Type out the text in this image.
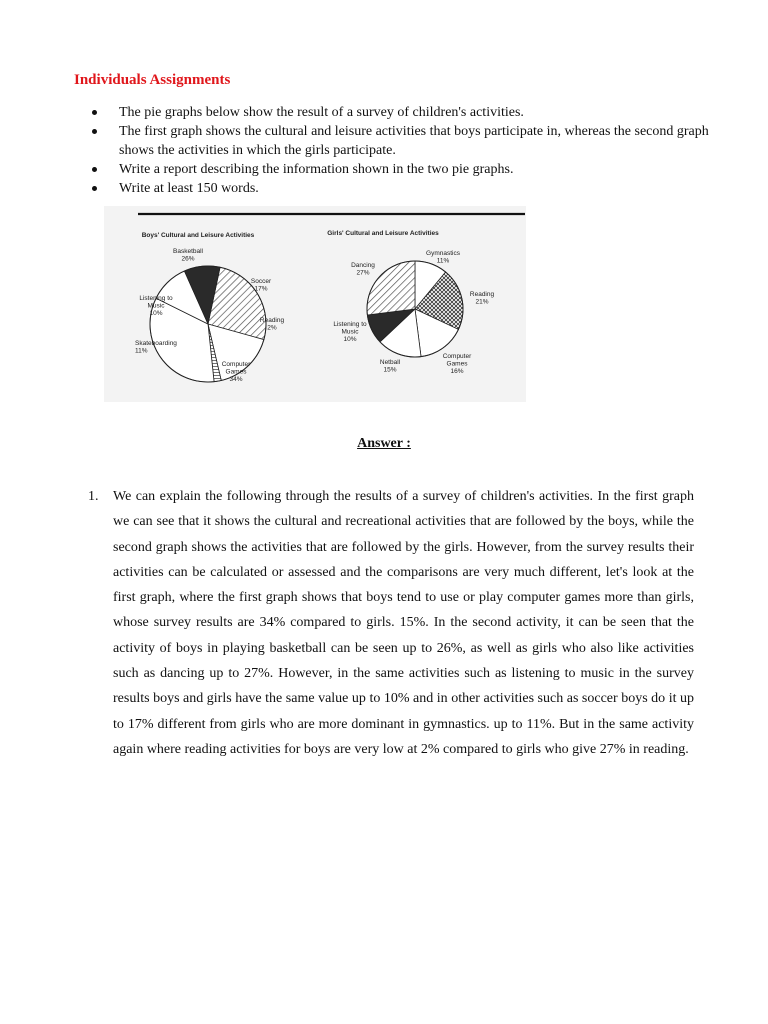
Individuals Assignments
The pie graphs below show the result of a survey of children's activities.
The first graph shows the cultural and leisure activities that boys participate in, whereas the second graph shows the activities in which the girls participate.
Write a report describing the information shown in the two pie graphs.
Write at least 150 words.
Boys' Cultural and Leisure Activities	Girls' Cultural and Leisure Activities
Basketball 26%
Soccer 17%
Reading 2%
Computer Games 34%
Skateboarding 11%
Listening to Music 10%
Gymnastics 11%
Reading 21%
Computer Games 16%
Netball 15%
Listening to Music 10%
Dancing 27%
Answer :
1. We can explain the following through the results of a survey of children's activities. In the first graph we can see that it shows the cultural and recreational activities that are followed by the boys, while the second graph shows the activities that are followed by the girls. However, from the survey results their activities can be calculated or assessed and the comparisons are very much different, let's look at the first graph, where the first graph shows that boys tend to use or play computer games more than girls, whose survey results are 34% compared to girls. 15%. In the second activity, it can be seen that the activity of boys in playing basketball can be seen up to 26%, as well as girls who also like activities such as dancing up to 27%. However, in the same activities such as listening to music in the survey results boys and girls have the same value up to 10% and in other activities such as soccer boys do it up to 17% different from girls who are more dominant in gymnastics. up to 11%. But in the same activity again where reading activities for boys are very low at 2% compared to girls who give 27% in reading.
